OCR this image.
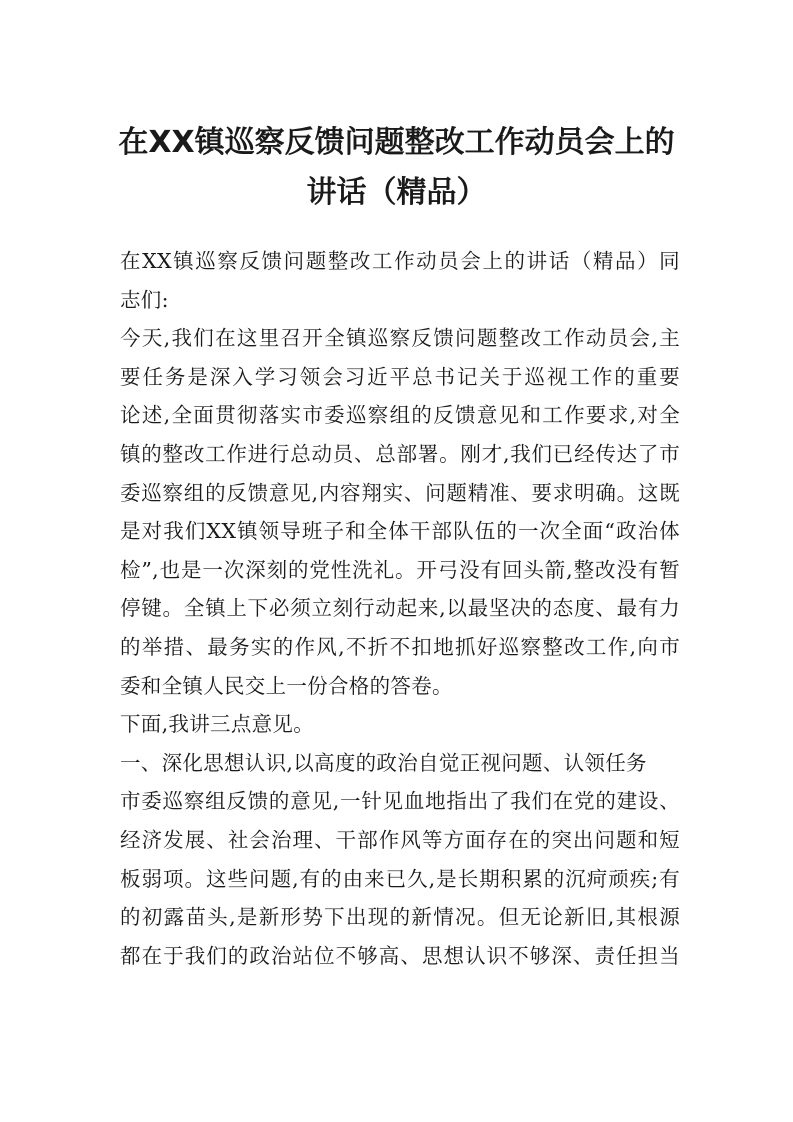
在XX镇巡察反馈问题整改工作动员会上的
讲话（精品）
在XX镇巡察反馈问题整改工作动员会上的讲话（精品）同
志们:
今天,我们在这里召开全镇巡察反馈问题整改工作动员会,主
要任务是深入学习领会习近平总书记关于巡视工作的重要
论述,全面贯彻落实市委巡察组的反馈意见和工作要求,对全
镇的整改工作进行总动员、总部署。刚才,我们已经传达了市
委巡察组的反馈意见,内容翔实、问题精准、要求明确。这既
是对我们XX镇领导班子和全体干部队伍的一次全面“政治体
检”,也是一次深刻的党性洗礼。开弓没有回头箭,整改没有暂
停键。全镇上下必须立刻行动起来,以最坚决的态度、最有力
的举措、最务实的作风,不折不扣地抓好巡察整改工作,向市
委和全镇人民交上一份合格的答卷。
下面,我讲三点意见。
一、深化思想认识,以高度的政治自觉正视问题、认领任务
市委巡察组反馈的意见,一针见血地指出了我们在党的建设、
经济发展、社会治理、干部作风等方面存在的突出问题和短
板弱项。这些问题,有的由来已久,是长期积累的沉疴顽疾;有
的初露苗头,是新形势下出现的新情况。但无论新旧,其根源
都在于我们的政治站位不够高、思想认识不够深、责任担当
